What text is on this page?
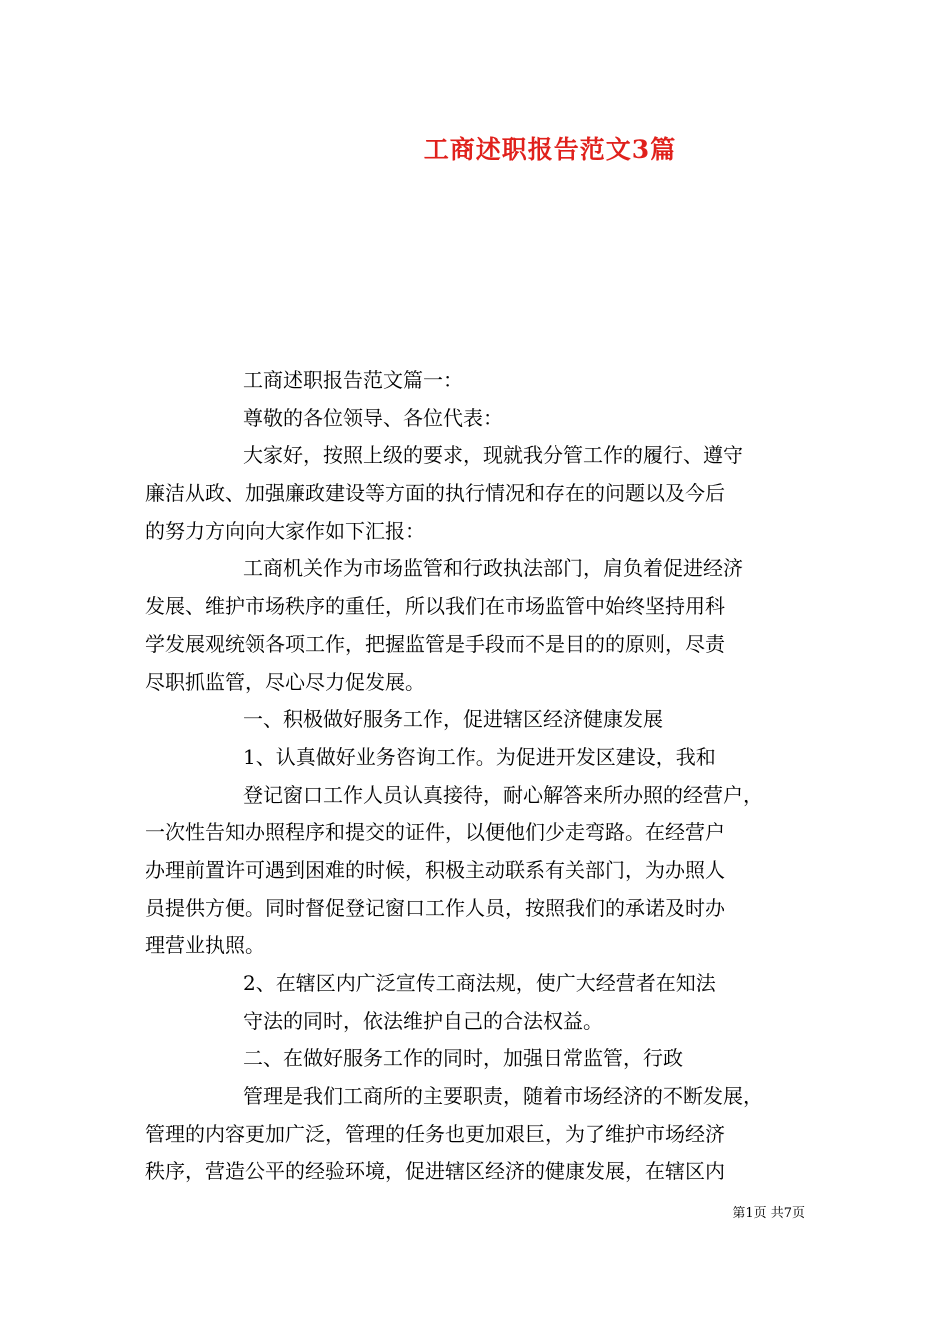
工商述职报告范文3篇
工商述职报告范文篇一：
尊敬的各位领导、各位代表：
大家好，按照上级的要求，现就我分管工作的履行、遵守
廉洁从政、加强廉政建设等方面的执行情况和存在的问题以及今后
的努力方向向大家作如下汇报：
工商机关作为市场监管和行政执法部门，肩负着促进经济
发展、维护市场秩序的重任，所以我们在市场监管中始终坚持用科
学发展观统领各项工作，把握监管是手段而不是目的的原则，尽责
尽职抓监管，尽心尽力促发展。
一、积极做好服务工作，促进辖区经济健康发展
1、认真做好业务咨询工作。为促进开发区建设，我和
登记窗口工作人员认真接待，耐心解答来所办照的经营户，
一次性告知办照程序和提交的证件，以便他们少走弯路。在经营户
办理前置许可遇到困难的时候，积极主动联系有关部门，为办照人
员提供方便。同时督促登记窗口工作人员，按照我们的承诺及时办
理营业执照。
2、在辖区内广泛宣传工商法规，使广大经营者在知法
守法的同时，依法维护自己的合法权益。
二、在做好服务工作的同时，加强日常监管，行政
管理是我们工商所的主要职责，随着市场经济的不断发展，
管理的内容更加广泛，管理的任务也更加艰巨，为了维护市场经济
秩序，营造公平的经验环境，促进辖区经济的健康发展，在辖区内
第1页 共7页
